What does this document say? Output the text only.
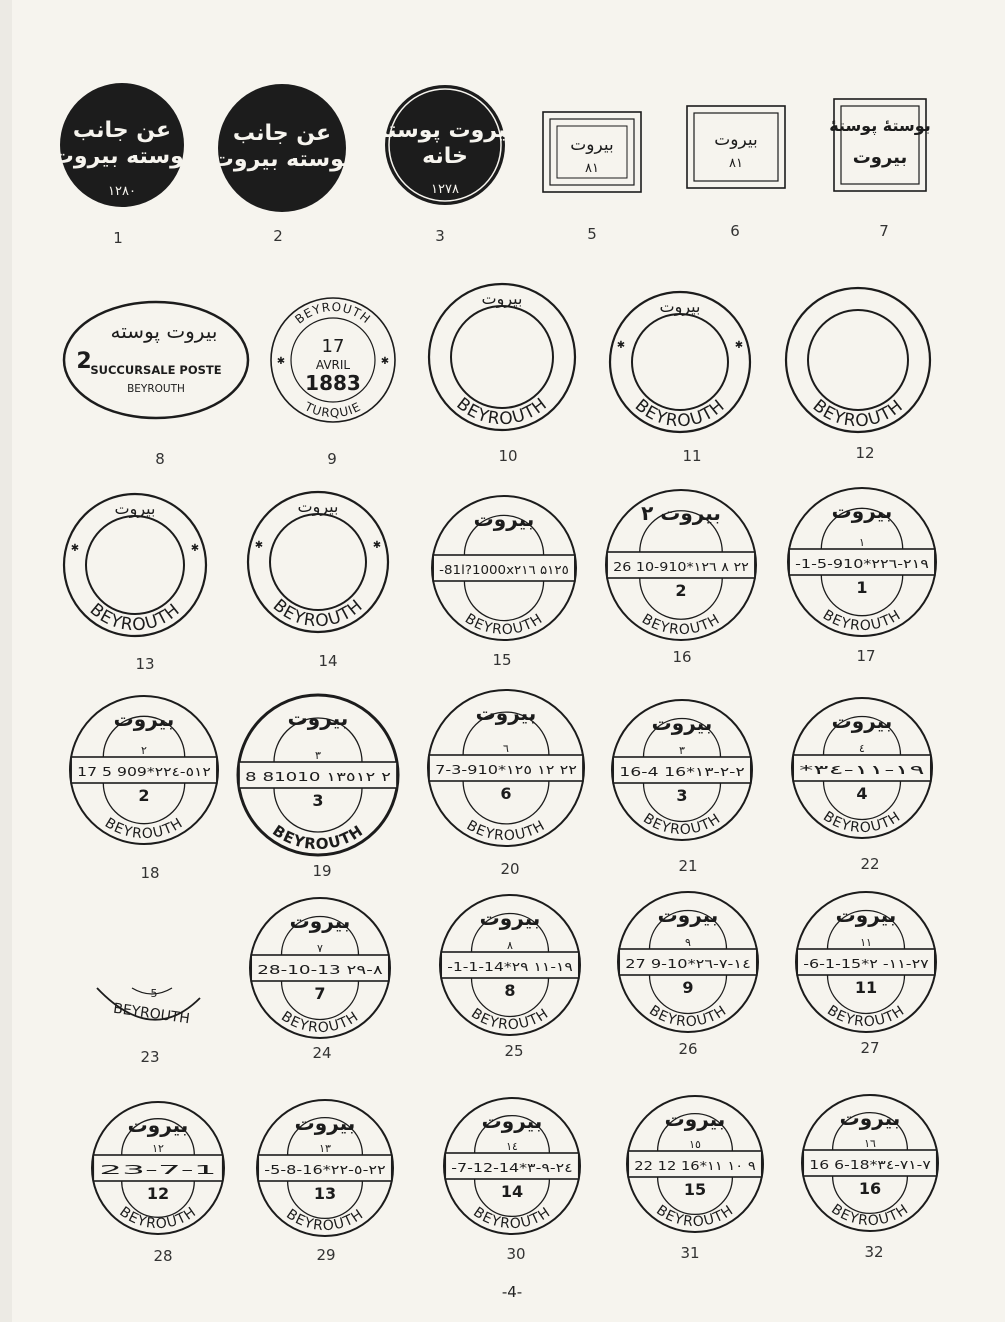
عن جانب
پوسته بيروت
۱۲۸۰
عن جانب
پوسته بيروت
بيروت پوسته
خانه
۱۲۷۸
بيروت
۸۱
بيروت
۸۱
بوستهٔ پوستهٔ
بيروت
بيروت پوسته
2
SUCCURSALE POSTE
BEYROUTH
BEYROUTH
TURQUIE
17
AVRIL
1883
✱	✱
بيروت
BEYROUTH
بيروت
BEYROUTH
✱	✱
BEYROUTH
بيروت
BEYROUTH
✱	✱
بيروت
BEYROUTH
✱	✱
بيروت
-81l?1000x۲۱٦ ۵١٢٥
BEYROUTH
بيروت ٢
26 10-910*۱۲٦ ۸ ۲۲
2
BEYROUTH
بيروت
١
-1-5-910*۲۲٦-۲۱۹
1
BEYROUTH
بيروت
٢
17 5 909*۲۲٥١٢-٤
2
BEYROUTH
بيروت
٣
8 81010 ۱۳٥۱۲ ٢
3
BEYROUTH
بيروت
٦
7-3-910*۱۲٥ ۱۲ ۲۲
6
BEYROUTH
بيروت
٣
16-4 16*۱۳-۲-٢
3
BEYROUTH
بيروت
٤
*۳٤-۱۱-۱۹
4
BEYROUTH
5
BEYROUTH
بيروت
٧
28-10-13 ۲۹-۸
7
BEYROUTH
بيروت
٨
-1-1-14*۲٩ ۱۱-۱۹
8
BEYROUTH
بيروت
٩
27 9-10*۲٦-۷-۱٤
9
BEYROUTH
بيروت
١١
-6-1-15*۲ -۱۱-۲۷
11
BEYROUTH
بيروت
١٢
23-7-1
12
BEYROUTH
بيروت
١٣
-5-8-16*۲۲-٥-۲۲
13
BEYROUTH
بيروت
١٤
-7-12-14*۳-۹-۲٤
14
BEYROUTH
بيروت
١٥
22 12 16*۱۱ ۱۰ ۹
15
BEYROUTH
بيروت
١٦
16 6-18*۳٤-۷۱-۷
16
BEYROUTH
1	2	3	5	6	7
8	9	10	11	12
13	14	15	16	17
18	19	20	21	22
23	24	25	26	27
28	29	30	31	32
-4-
